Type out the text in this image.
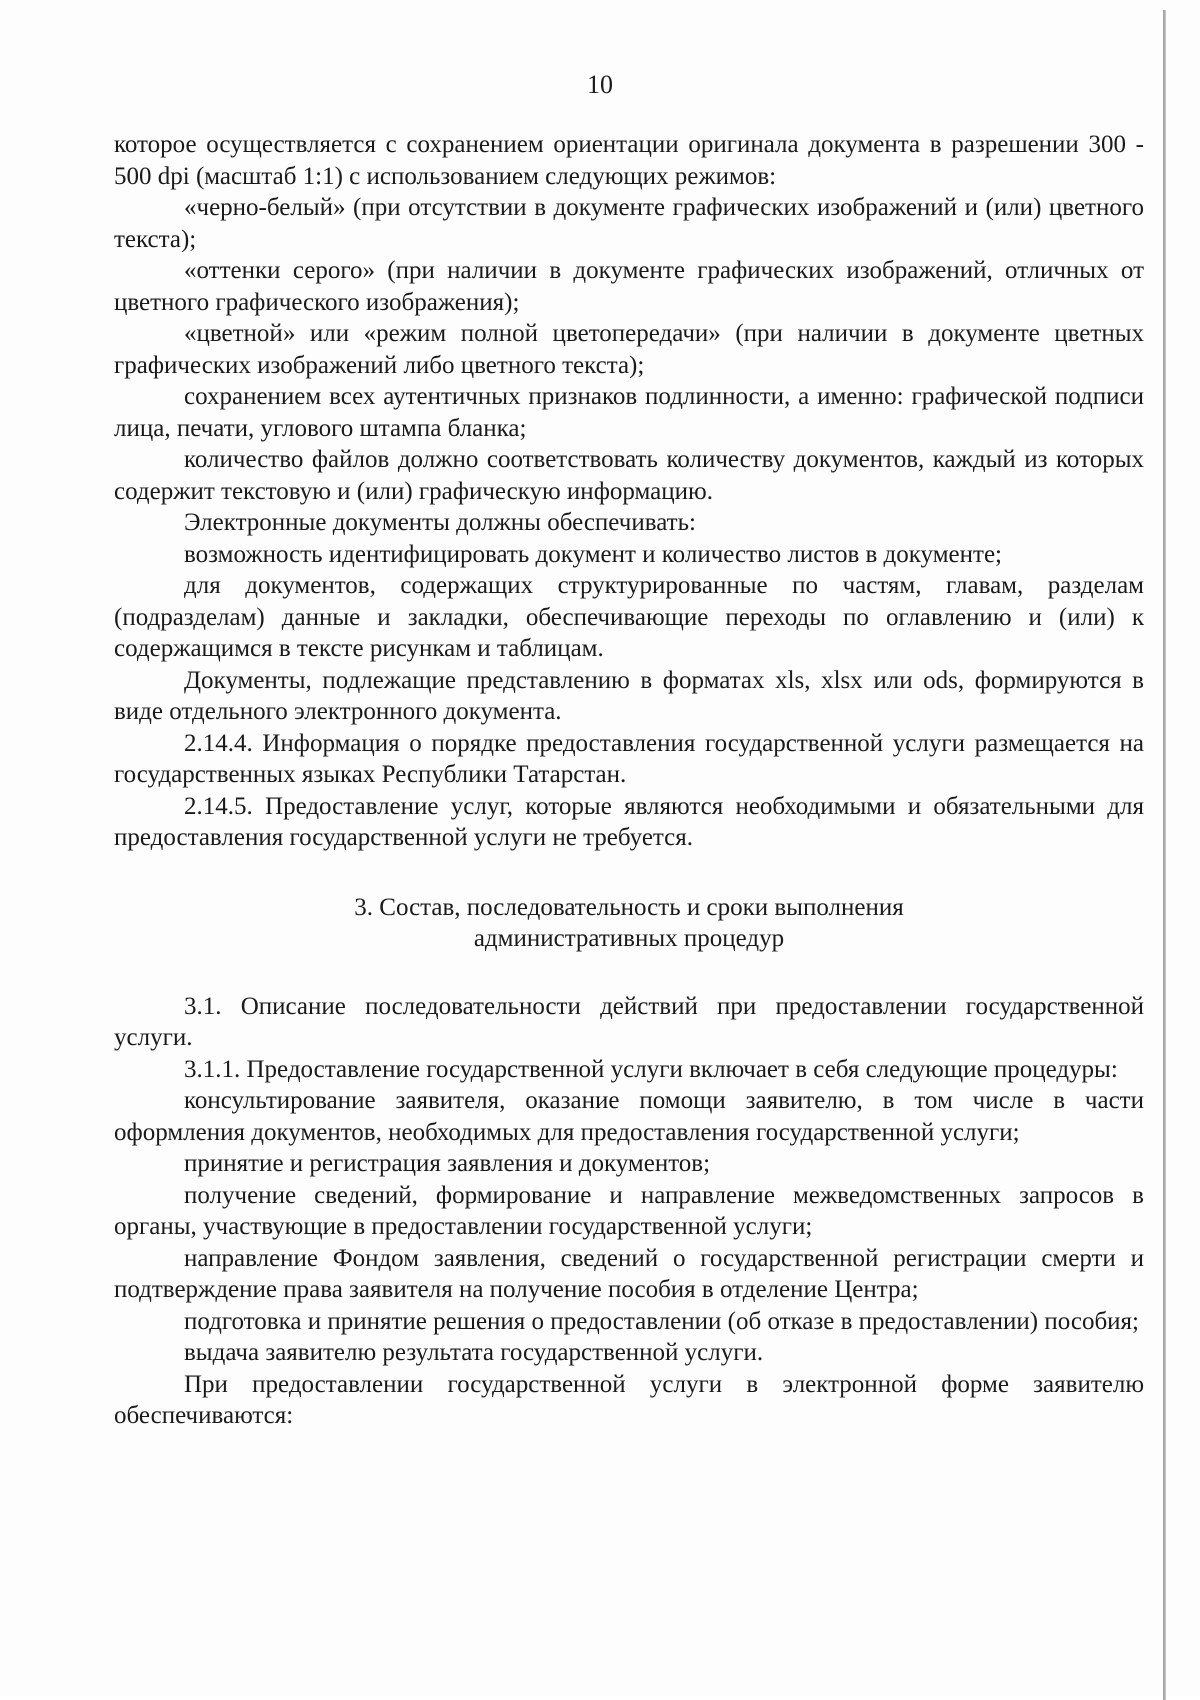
10

которое осуществляется с сохранением ориентации оригинала документа в разрешении 300 - 500 dpi (масштаб 1:1) с использованием следующих режимов:

«черно-белый» (при отсутствии в документе графических изображений и (или) цветного текста);

«оттенки серого» (при наличии в документе графических изображений, отличных от цветного графического изображения);

«цветной» или «режим полной цветопередачи» (при наличии в документе цветных графических изображений либо цветного текста);

сохранением всех аутентичных признаков подлинности, а именно: графической подписи лица, печати, углового штампа бланка;

количество файлов должно соответствовать количеству документов, каждый из которых содержит текстовую и (или) графическую информацию.

Электронные документы должны обеспечивать:

возможность идентифицировать документ и количество листов в документе;

для документов, содержащих структурированные по частям, главам, разделам (подразделам) данные и закладки, обеспечивающие переходы по оглавлению и (или) к содержащимся в тексте рисункам и таблицам.

Документы, подлежащие представлению в форматах xls, xlsx или ods, формируются в виде отдельного электронного документа.

2.14.4. Информация о порядке предоставления государственной услуги размещается на государственных языках Республики Татарстан.

2.14.5. Предоставление услуг, которые являются необходимыми и обязательными для предоставления государственной услуги не требуется.

3. Состав, последовательность и сроки выполнения
административных процедур

3.1. Описание последовательности действий при предоставлении государственной услуги.

3.1.1. Предоставление государственной услуги включает в себя следующие процедуры:

консультирование заявителя, оказание помощи заявителю, в том числе в части оформления документов, необходимых для предоставления государственной услуги;

принятие и регистрация заявления и документов;

получение сведений, формирование и направление межведомственных запросов в органы, участвующие в предоставлении государственной услуги;

направление Фондом заявления, сведений о государственной регистрации смерти и подтверждение права заявителя на получение пособия в отделение Центра;

подготовка и принятие решения о предоставлении (об отказе в предоставлении) пособия;

выдача заявителю результата государственной услуги.

При предоставлении государственной услуги в электронной форме заявителю обеспечиваются:
